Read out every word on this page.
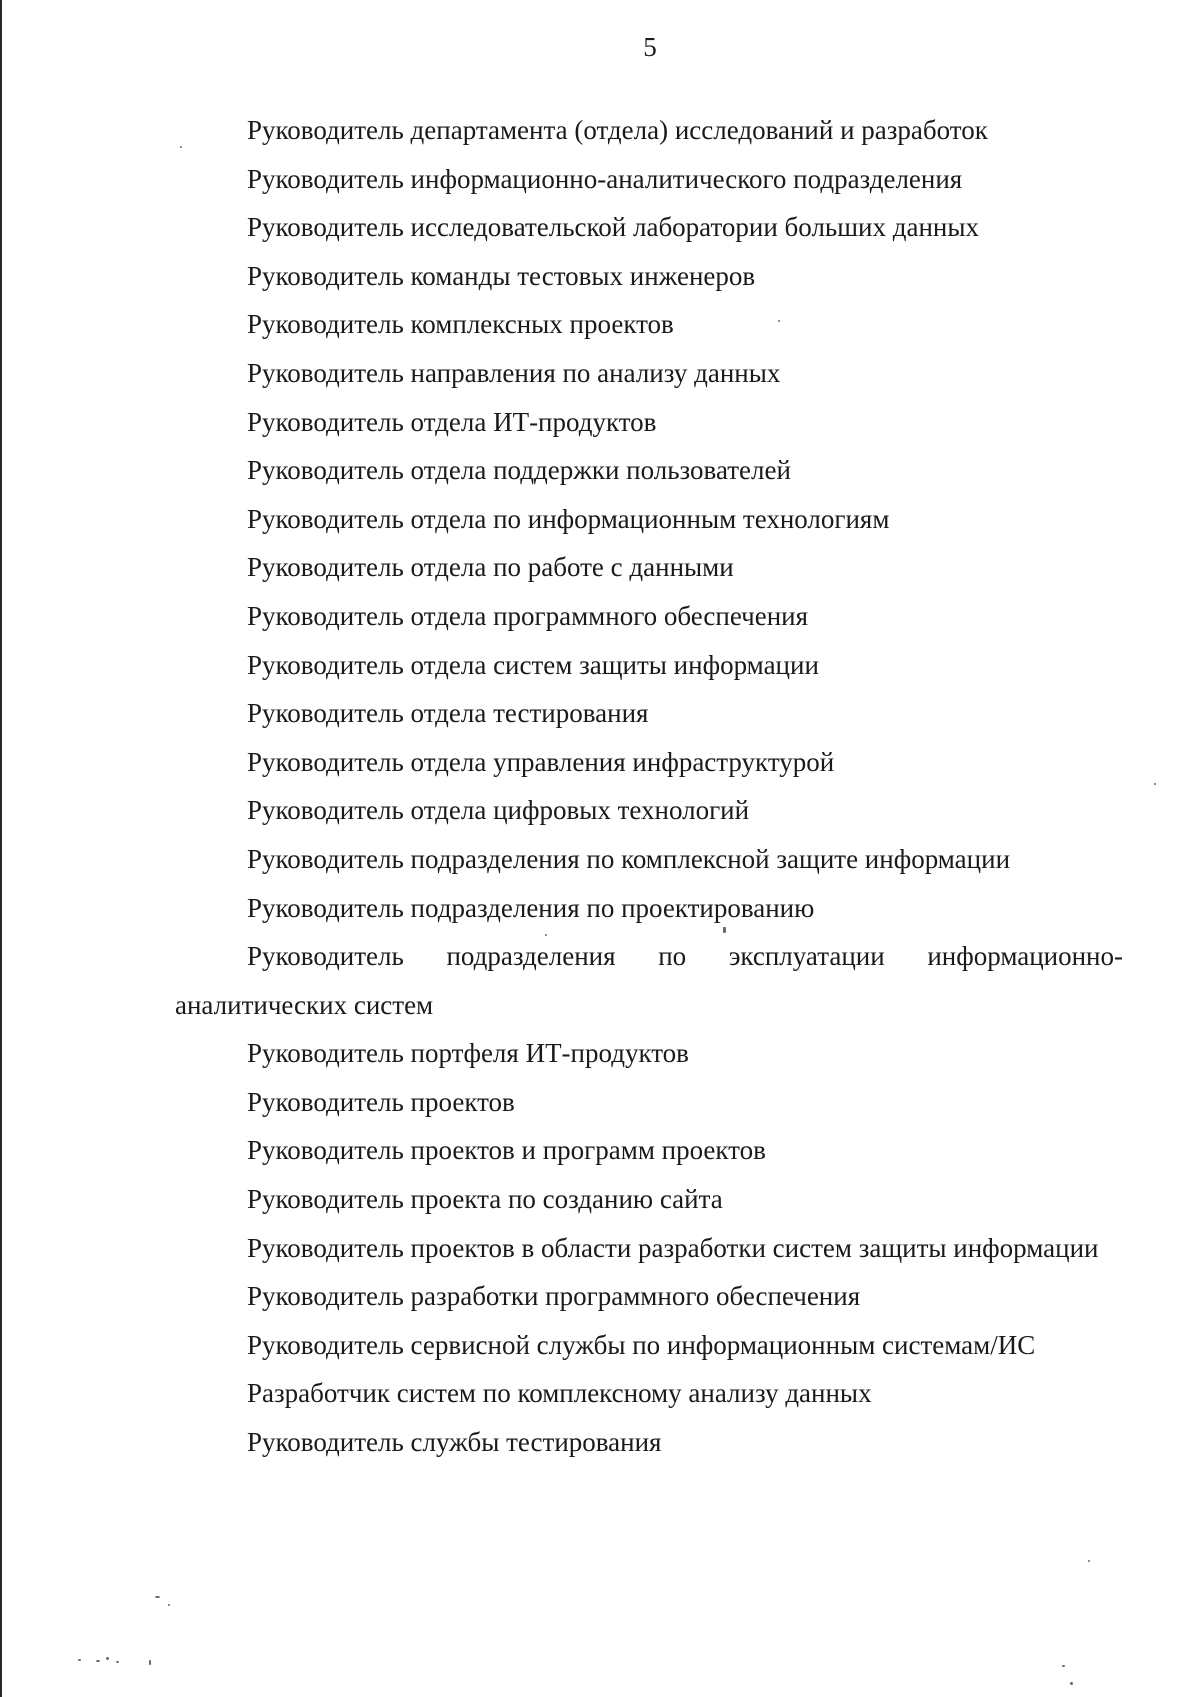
5

Руководитель департамента (отдела) исследований и разработок

Руководитель информационно-аналитического подразделения

Руководитель исследовательской лаборатории больших данных

Руководитель команды тестовых инженеров

Руководитель комплексных проектов

Руководитель направления по анализу данных

Руководитель отдела ИТ-продуктов

Руководитель отдела поддержки пользователей

Руководитель отдела по информационным технологиям

Руководитель отдела по работе с данными

Руководитель отдела программного обеспечения

Руководитель отдела систем защиты информации

Руководитель отдела тестирования

Руководитель отдела управления инфраструктурой

Руководитель отдела цифровых технологий

Руководитель подразделения по комплексной защите информации

Руководитель подразделения по проектированию

Руководитель подразделения по эксплуатации информационно-аналитических систем

Руководитель портфеля ИТ-продуктов

Руководитель проектов

Руководитель проектов и программ проектов

Руководитель проекта по созданию сайта

Руководитель проектов в области разработки систем защиты информации

Руководитель разработки программного обеспечения

Руководитель сервисной службы по информационным системам/ИС

Разработчик систем по комплексному анализу данных

Руководитель службы тестирования
